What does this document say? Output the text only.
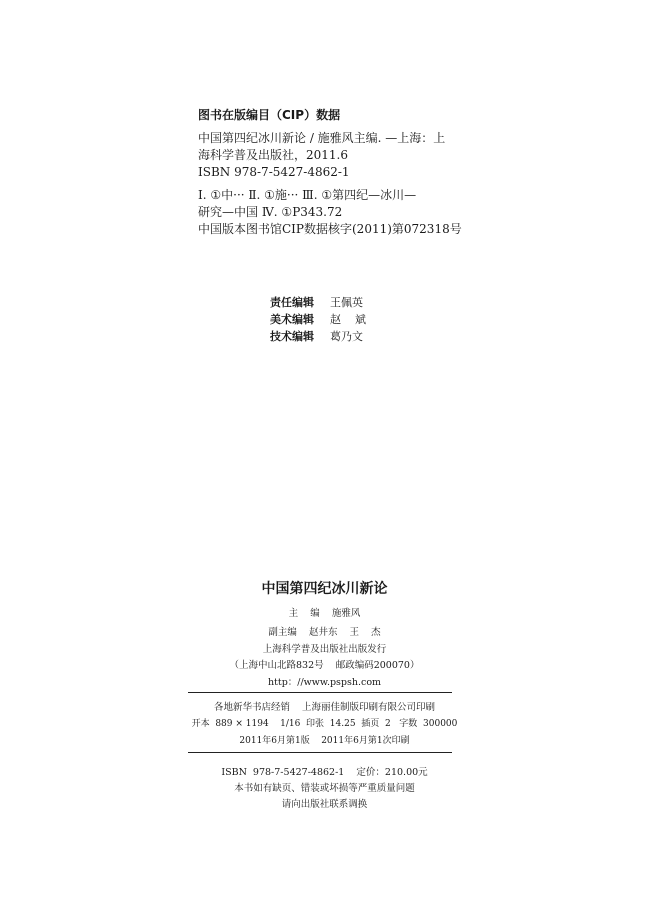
图书在版编目（CIP）数据
中国第四纪冰川新论 / 施雅风主编. —上海：上
海科学普及出版社，2011.6
ISBN 978-7-5427-4862-1
Ⅰ. ①中··· Ⅱ. ①施··· Ⅲ. ①第四纪—冰川—
研究—中国 Ⅳ. ①P343.72
中国版本图书馆CIP数据核字(2011)第072318号
责任编辑 王佩英
美术编辑 赵    斌
技术编辑 葛乃文
中国第四纪冰川新论
主    编    施雅风
副主编    赵井东    王    杰
上海科学普及出版社出版发行
（上海中山北路832号    邮政编码200070）
http：//www.pspsh.com
各地新华书店经销    上海丽佳制版印刷有限公司印刷
开本  889 × 1194    1/16  印张  14.25  插页  2   字数  300000
2011年6月第1版    2011年6月第1次印刷
ISBN  978-7-5427-4862-1    定价：210.00元
本书如有缺页、错装或坏损等严重质量问题
请向出版社联系调换
